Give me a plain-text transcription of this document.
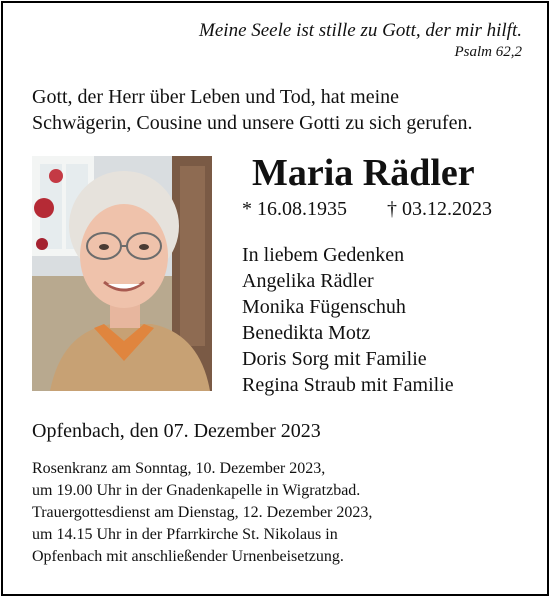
Meine Seele ist stille zu Gott, der mir hilft.
Psalm 62,2
Gott, der Herr über Leben und Tod, hat meine
Schwägerin, Cousine und unsere Gotti zu sich gerufen.
Maria Rädler
* 16.08.1935 † 03.12.2023
In liebem Gedenken
Angelika Rädler
Monika Fügenschuh
Benedikta Motz
Doris Sorg mit Familie
Regina Straub mit Familie
Opfenbach, den 07. Dezember 2023
Rosenkranz am Sonntag, 10. Dezember 2023,
um 19.00 Uhr in der Gnadenkapelle in Wigratzbad.
Trauergottesdienst am Dienstag, 12. Dezember 2023,
um 14.15 Uhr in der Pfarrkirche St. Nikolaus in
Opfenbach mit anschließender Urnenbeisetzung.
